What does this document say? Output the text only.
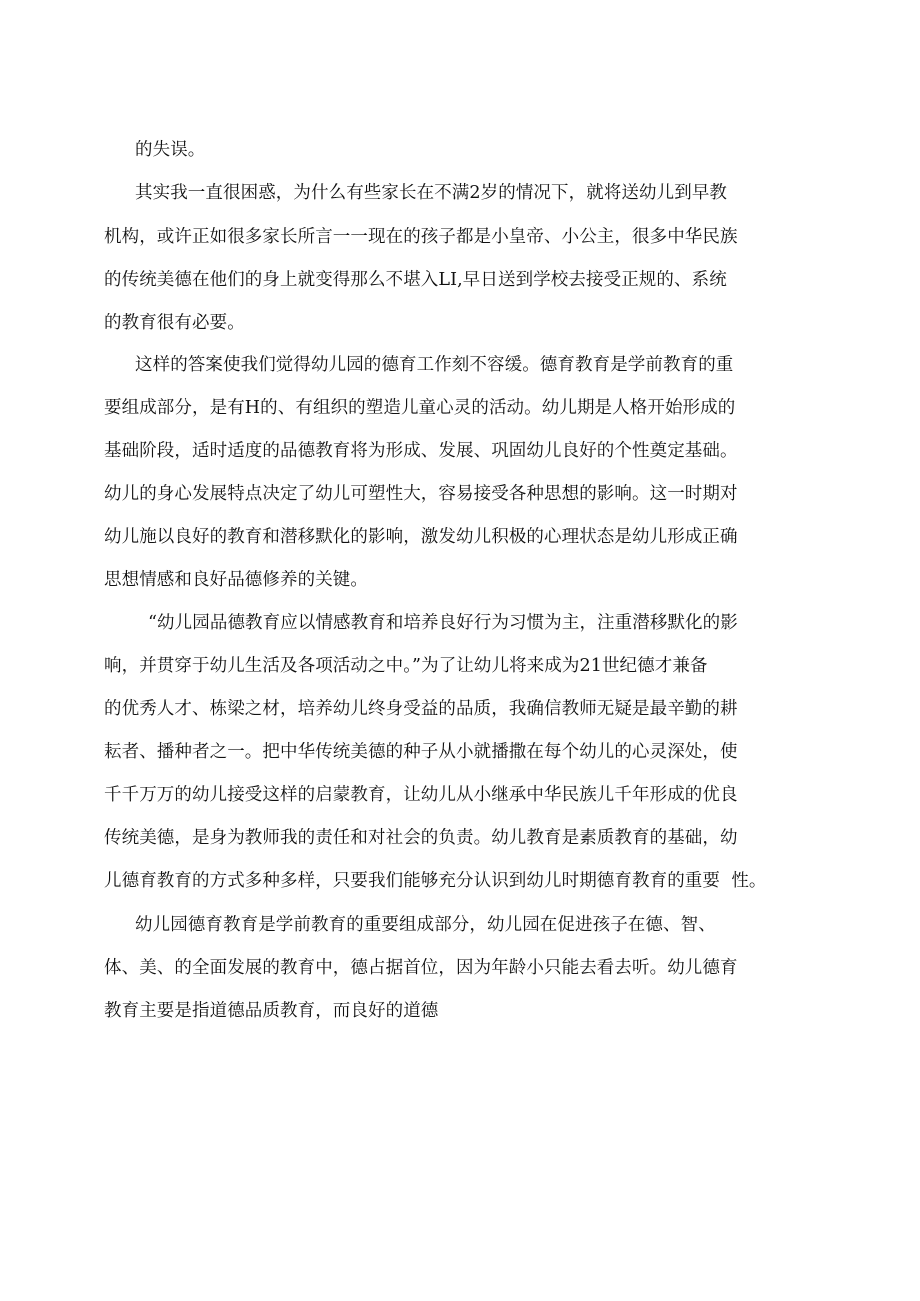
的失误。
其实我一直很困惑，为什么有些家长在不满2岁的情况下，就将送幼儿到早教
机构，或许正如很多家长所言一一现在的孩子都是小皇帝、小公主，很多中华民族
的传统美德在他们的身上就变得那么不堪入LI,早日送到学校去接受正规的、系统
的教育很有必要。
这样的答案使我们觉得幼儿园的德育工作刻不容缓。德育教育是学前教育的重
要组成部分，是有H的、有组织的塑造儿童心灵的活动。幼儿期是人格开始形成的
基础阶段，适时适度的品德教育将为形成、发展、巩固幼儿良好的个性奠定基础。
幼儿的身心发展特点决定了幼儿可塑性大，容易接受各种思想的影响。这一时期对
幼儿施以良好的教育和潜移默化的影响，激发幼儿积极的心理状态是幼儿形成正确
思想情感和良好品德修养的关键。
“幼儿园品德教育应以情感教育和培养良好行为习惯为主，注重潜移默化的影
响，并贯穿于幼儿生活及各项活动之中。”为了让幼儿将来成为21世纪德才兼备
的优秀人才、栋梁之材，培养幼儿终身受益的品质，我确信教师无疑是最辛勤的耕
耘者、播种者之一。把中华传统美德的种子从小就播撒在每个幼儿的心灵深处，使
千千万万的幼儿接受这样的启蒙教育，让幼儿从小继承中华民族儿千年形成的优良
传统美德，是身为教师我的责任和对社会的负责。幼儿教育是素质教育的基础，幼
儿德育教育的方式多种多样，只要我们能够充分认识到幼儿时期德育教育的重要  性。
幼儿园德育教育是学前教育的重要组成部分，幼儿园在促进孩子在德、智、
体、美、的全面发展的教育中，德占据首位，因为年龄小只能去看去听。幼儿德育
教育主要是指道德品质教育，而良好的道德
